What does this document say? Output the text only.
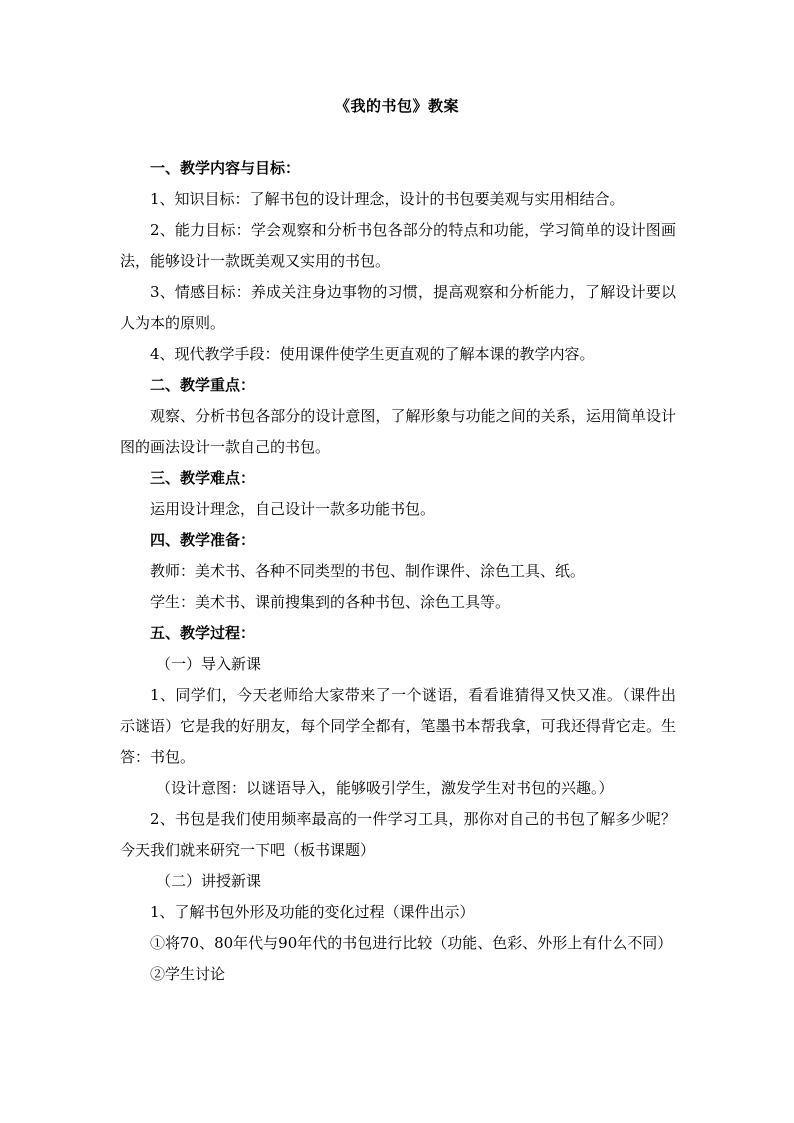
《我的书包》教案

一、教学内容与目标：

1、知识目标：了解书包的设计理念，设计的书包要美观与实用相结合。

2、能力目标：学会观察和分析书包各部分的特点和功能，学习简单的设计图画法，能够设计一款既美观又实用的书包。

3、情感目标：养成关注身边事物的习惯，提高观察和分析能力，了解设计要以人为本的原则。

4、现代教学手段：使用课件使学生更直观的了解本课的教学内容。

二、教学重点：

观察、分析书包各部分的设计意图，了解形象与功能之间的关系，运用简单设计图的画法设计一款自己的书包。

三、教学难点：

运用设计理念，自己设计一款多功能书包。

四、教学准备：

教师：美术书、各种不同类型的书包、制作课件、涂色工具、纸。

学生：美术书、课前搜集到的各种书包、涂色工具等。

五、教学过程：

（一）导入新课

1、同学们，今天老师给大家带来了一个谜语，看看谁猜得又快又准。（课件出示谜语）它是我的好朋友，每个同学全都有，笔墨书本帮我拿，可我还得背它走。生答：书包。

（设计意图：以谜语导入，能够吸引学生，激发学生对书包的兴趣。）

2、书包是我们使用频率最高的一件学习工具，那你对自己的书包了解多少呢？今天我们就来研究一下吧（板书课题）

（二）讲授新课

1、了解书包外形及功能的变化过程（课件出示）

①将70、80年代与90年代的书包进行比较（功能、色彩、外形上有什么不同）

②学生讨论
